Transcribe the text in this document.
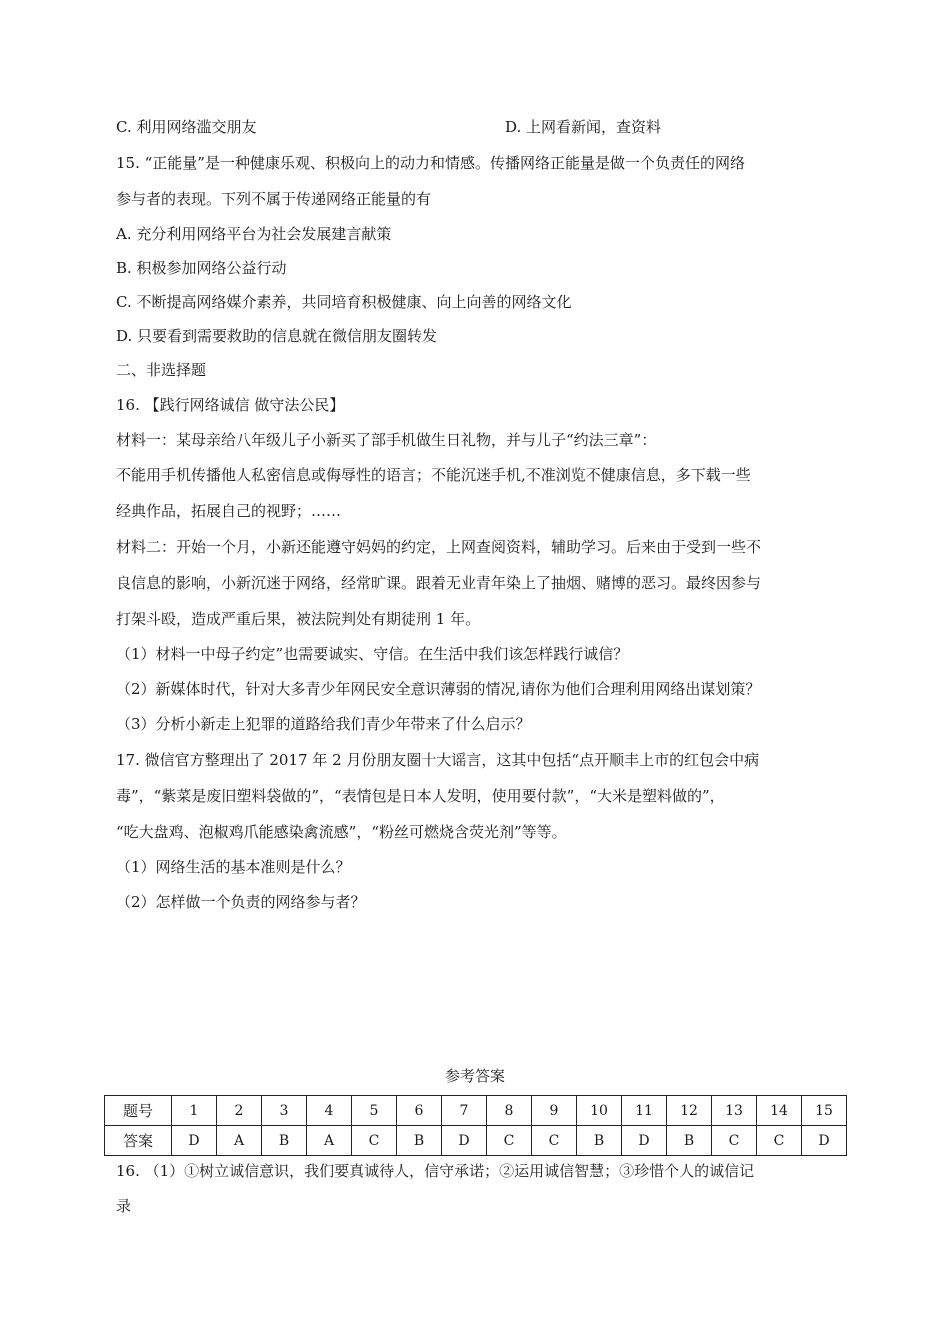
C. 利用网络滥交朋友	D. 上网看新闻，查资料
15. “正能量”是一种健康乐观、积极向上的动力和情感。传播网络正能量是做一个负责任的网络
参与者的表现。下列不属于传递网络正能量的有
A. 充分利用网络平台为社会发展建言献策
B. 积极参加网络公益行动
C. 不断提高网络媒介素养，共同培育积极健康、向上向善的网络文化
D. 只要看到需要救助的信息就在微信朋友圈转发
二、非选择题
16. 【践行网络诚信 做守法公民】
材料一：某母亲给八年级儿子小新买了部手机做生日礼物，并与儿子“约法三章”：
不能用手机传播他人私密信息或侮辱性的语言；不能沉迷手机,不准浏览不健康信息，多下载一些
经典作品，拓展自己的视野；……
材料二：开始一个月，小新还能遵守妈妈的约定，上网查阅资料，辅助学习。后来由于受到一些不
良信息的影响，小新沉迷于网络，经常旷课。跟着无业青年染上了抽烟、赌博的恶习。最终因参与
打架斗殴，造成严重后果，被法院判处有期徒刑 1 年。
（1）材料一中母子约定”也需要诚实、守信。在生活中我们该怎样践行诚信？
（2）新媒体时代，针对大多青少年网民安全意识薄弱的情况,请你为他们合理利用网络出谋划策？
（3）分析小新走上犯罪的道路给我们青少年带来了什么启示？
17. 微信官方整理出了 2017 年 2 月份朋友圈十大谣言，这其中包括“点开顺丰上市的红包会中病
毒”，“紫菜是废旧塑料袋做的”，“表情包是日本人发明，使用要付款”，“大米是塑料做的”，
“吃大盘鸡、泡椒鸡爪能感染禽流感”，“粉丝可燃烧含荧光剂”等等。
（1）网络生活的基本准则是什么？
（2）怎样做一个负责的网络参与者？
参考答案
题号	1	2	3	4	5	6	7	8	9	10	11	12	13	14	15
答案	D	A	B	A	C	B	D	C	C	B	D	B	C	C	D
16. （1）①树立诚信意识，我们要真诚待人，信守承诺；②运用诚信智慧；③珍惜个人的诚信记
录
